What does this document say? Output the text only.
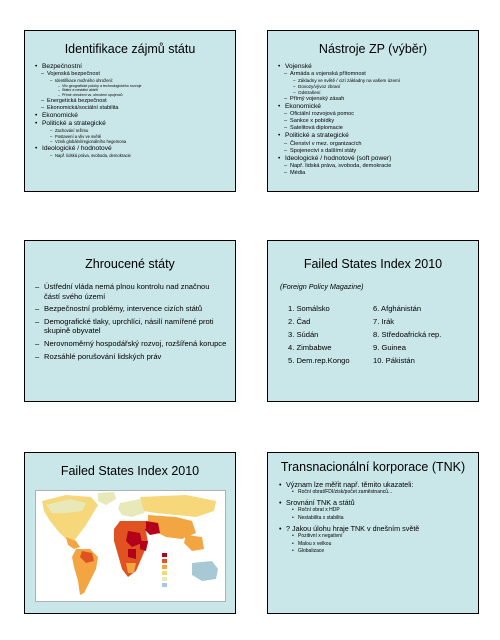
Identifikace zájmů státu
• Bezpečnostní
– Vojenská bezpečnost
– Identifikace možného ohrožení:
– Vliv geografické polohy a technologického rozvoje
– Státní a nestátní aktéři
– Přímé ohrožení vs. ohrožení spojenců
– Energetická bezpečnost
– Ekonomická/sociální stabilita
• Ekonomické
• Politické a strategické
– Zachování režimu
– Postavení a vliv ve světě
– Vznik globální/regionálního hegemona
• Ideologické / hodnotové
– Např. lidská práva, svoboda, demokracie
Nástroje ZP (výběr)
• Vojenské
– Armáda a vojenská přítomnost
– Základny ve světě / cizí základny na vašem území
– Dovozy/vývoz zbraní
– Odstrašení
– Přímý vojenský zásah
• Ekonomické
– Oficiální rozvojová pomoc
– Sankce x pobídky
– Satelitová diplomacie
• Politické a strategické
– Členství v mez. organizacích
– Spojenectví s dalšími státy
• Ideologické / hodnotové (soft power)
– Např. lidská práva, svoboda, demokracie
– Média
Zhroucené státy
– Ústřední vláda nemá plnou kontrolu nad značnou částí svého území
– Bezpečnostní problémy, intervence cizích států
– Demografické tlaky, uprchlíci, násilí namířené proti skupině obyvatel
– Nerovnoměrný hospodářský rozvoj, rozšířená korupce
– Rozsáhlé porušování lidských práv
Failed States Index 2010
(Foreign Policy Magazine)
1. Somálsko	6. Afghánistán
2. Čad	7. Irák
3. Súdán	8. Středoafrická rep.
4. Zimbabwe	9. Guinea
5. Dem.rep.Kongo	10. Pákistán
Failed States Index 2010	Transnacionální korporace (TNK)
• Význam lze měřit např. těmito ukazateli:
• Roční obrat/FDI/zisk/počet zaměstnanců...
• Srovnání TNK a států
• Roční obrat x HDP
• Nestabilita x stabilita
• ? Jakou úlohu hraje TNK v dnešním světě
• Pozitivní x negativní
• Malou x velkou
• Globalizace
